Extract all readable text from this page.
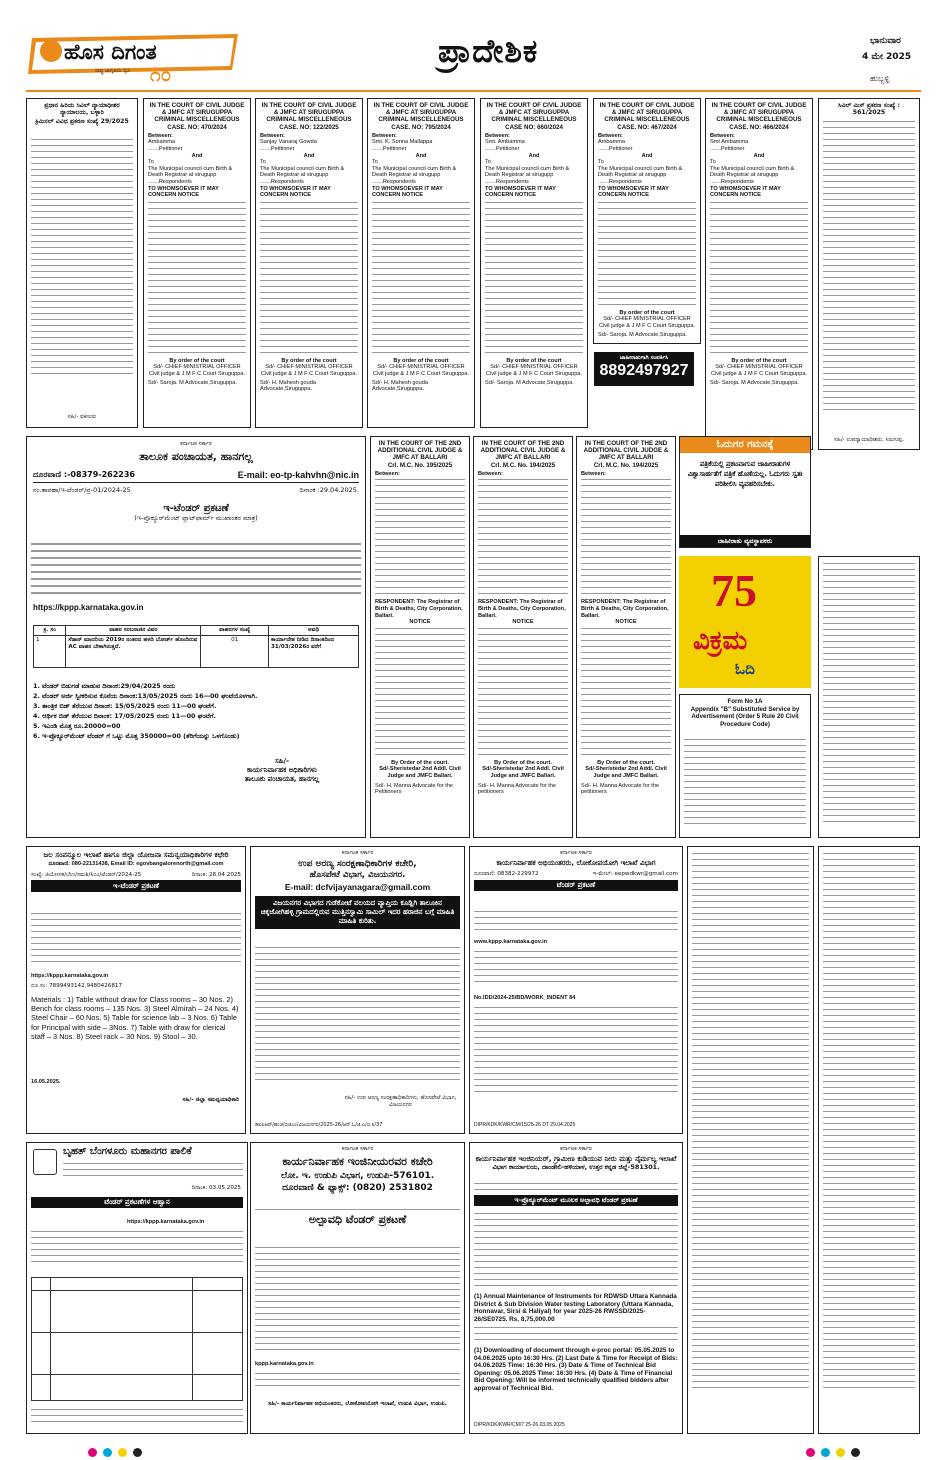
ಹೊಸ ದಿಗಂತ
ರಾಷ್ಟ್ರ ಜಾಗೃತಿಯ ಧ್ವನಿ ೧೦
ಪ್ರಾದೇಶಿಕ	ಭಾನುವಾರ
4 ಮೇ 2025
ಹುಬ್ಬಳ್ಳಿ
ಪ್ರಧಾನ ಹಿರಿಯ ಸಿವಿಲ್ ನ್ಯಾಯಾಧೀಶರ ನ್ಯಾಯಾಲಯ, ಬಳ್ಳಾರಿ
ಕ್ರಿಮಿನಲ್ ವಿವಿಧ ಪ್ರಕರಣ ಸಂಖ್ಯೆ 29/2025
ಸಹಿ/- ವಕೀಲರು
IN THE COURT OF CIVIL JUDGE & JMFC AT SIRUGUPPA CRIMINAL MISCELLENEOUS
CASE. NO: 470/2024
Between:
Ambamma
.......Petitioner
And
To
The Municipal council cum Birth & Death Registrar at sirugupp
.......Respondents
TO WHOMSOEVER IT MAY CONCERN NOTICE
By order of the court
Sd/- CHIEF MINISTRIAL OFFICER Civil judge & J M F C Court Siruguppa.
Sd/- Saroja. M Advocate,Siruguppa.
IN THE COURT OF CIVIL JUDGE & JMFC AT SIRUGUPPA CRIMINAL MISCELLENEOUS
CASE. NO: 122/2025
Between:
Sanjay Vanaraj Gowda
.......Petitioner
And
To
The Municipal council cum Birth & Death Registrar at sirugupp
.......Respondents
TO WHOMSOEVER IT MAY CONCERN NOTICE
By order of the court
Sd/- CHIEF MINISTRIAL OFFICER Civil judge & J M F C Court Siruguppa.
Sd/- H. Mahesh gouda Advocate,Siruguppa.
IN THE COURT OF CIVIL JUDGE & JMFC AT SIRUGUPPA CRIMINAL MISCELLENEOUS
CASE. NO: 795/2024
Between:
Smt. K. Sonna Mallappa
.......Petitioner
And
To
The Municipal council cum Birth & Death Registrar at sirugupp
.......Respondents
TO WHOMSOEVER IT MAY CONCERN NOTICE
By order of the court
Sd/- CHIEF MINISTRIAL OFFICER Civil judge & J M F C Court Siruguppa.
Sd/- H. Mahesh gouda Advocate,Siruguppa.
IN THE COURT OF CIVIL JUDGE & JMFC AT SIRUGUPPA CRIMINAL MISCELLENEOUS
CASE NO: 660/2024
Between:
Smt. Ambamma
.......Petitioner
And
To
The Municipal council cum Birth & Death Registrar at sirugupp
.......Respondents
TO WHOMSOEVER IT MAY CONCERN NOTICE
By order of the court
Sd/- CHIEF MINISTRIAL OFFICER Civil judge & J M F C Court Siruguppa.
Sd/- Saroja. M Advocate,Siruguppa.
IN THE COURT OF CIVIL JUDGE & JMFC AT SIRUGUPPA CRIMINAL MISCELLENEOUS
CASE. NO: 467/2024
Between:
Ambamma
.......Petitioner
And
To
The Municipal council cum Birth & Death Registrar at sirugupp
.......Respondents
TO WHOMSOEVER IT MAY CONCERN NOTICE
By order of the court
Sd/- CHIEF MINISTRIAL OFFICER Civil judge & J M F C Court Siruguppa.
Sd/- Saroja. M Advocate,Siruguppa.
IN THE COURT OF CIVIL JUDGE & JMFC AT SIRUGUPPA CRIMINAL MISCELLENEOUS
CASE. NO: 466/2024
Between:
Smt Ambamma
.......Petitioner
And
To
The Municipal council cum Birth & Death Registrar at sirugupp
.......Respondents
TO WHOMSOEVER IT MAY CONCERN NOTICE
By order of the court
Sd/- CHIEF MINISTRIAL OFFICER Civil judge & J M F C Court Siruguppa.
Sd/- Saroja. M Advocate,Siruguppa.
ಸಿವಿಲ್ ಮಿಸ್ ಪ್ರಕರಣ ಸಂಖ್ಯೆ : 561/2025
ಸಹಿ/- ಉಪನ್ಯಾಯಾಧೀಶರು, ಸಿರುಗುಪ್ಪ.
ಜಾಹೀರಾತುಗಾಗಿ ಸಂಪರ್ಕಿಸಿ
8892497927
ಕರ್ನಾಟಕ ಸರ್ಕಾರ
ತಾಲೂಕ ಪಂಚಾಯತ, ಹಾನಗಲ್ಲ
ದೂರವಾಣಿ :-08379-262236	E-mail: eo-tp-kahvhn@nic.in
ನಂ.ತಾಪಹಾ/ಇ-ಟೆಂಡರ್/ಪ್ರ-01/2024-25	ದಿನಾಂಕ :29.04.2025.
ಇ-ಟೆಂಡರ್ ಪ್ರಕಟಣೆ
(ಇ-ಪ್ರೊಕ್ಯೂರ್‌ಮೆಂಟ್ ಪ್ಲಾಟ್‌ಫಾರ್ಮ್ ಮುಖಾಂತರ ಮಾತ್ರ)
https://kppp.karnataka.gov.in
ಕ್ರ. ಸಂ	ವಾಹನ ಸರಬರಾಜಿನ ವಿವರ	ವಾಹನಗಳ ಸಂಖ್ಯೆ	ಅವಧಿ
1	ಸೆಡಾನ್ ಮಾದರಿಯ 2019ರ ನಂತರದ ಹಳದಿ ಬೋರ್ಡ್ ಹೊಂದಿರುವ AC ವಾಹನ ಬೇಕಾಗಿರುತ್ತದೆ.	01	ಕಾರ್ಯಾದೇಶ ನೀಡಿದ ದಿನಾಂಕದಿಂದ 31/03/2026ರ ವರೆಗೆ
1. ಟೆಂಡರ್ ಬಿಡುಗಡೆ ಮಾಡುವ ದಿನಾಂಕ:29/04/2025 ರಂದು
2. ಟೆಂಡರ್ ಅರ್ಜಿ ಸ್ವೀಕರಿಸುವ ಕೊನೆಯ ದಿನಾಂಕ:13/05/2025 ರಂದು 16—00 ಘಂಟೆಯೊಳಗಾಗಿ.
3. ತಾಂತ್ರಿಕ ಬಿಡ್ ತೆರೆಯುವ ದಿನಾಂಕ: 15/05/2025 ರಂದು 11—00 ಘಂಟೆಗೆ.
4. ಆರ್ಥಿಕ ಬಿಡ್ ತೆರೆಯುವ ದಿನಾಂಕ: 17/05/2025 ರಂದು 11—00 ಘಂಟೆಗೆ.
5. ಇಎಂಡಿ ಮೊತ್ತ ರೂ.20000=00
6. ಇ-ಪ್ರೊಕ್ಯೂರ್‌ಮೆಂಟ್ ಟೆಂಡರ್ ಗೆ ಒಟ್ಟು ಮೊತ್ತ 350000=00 (ತೆರಿಗೆಯನ್ನು ಒಳಗೊಂಡು)
ಸಹಿ/-
ಕಾರ್ಯನಿರ್ವಾಹಕ ಅಧಿಕಾರಿಗಳು
ತಾಲೂಕು ಪಂಚಾಯತ, ಹಾನಗಲ್ಲ
IN THE COURT OF THE 2ND ADDITIONAL CIVIL JUDGE & JMFC AT BALLARI
Crl. M.C. No. 195/2025
Between:
RESPONDENT: The Registrar of Birth & Deaths, City Corporation, Ballari.
NOTICE
By Order of the court.
Sd/-Sheristedar 2nd Addl. Civil Judge and JMFC Ballari.
Sd/- H. Manna Advocate for the Petitioners
IN THE COURT OF THE 2ND ADDITIONAL CIVIL JUDGE & JMFC AT BALLARI
Crl. M.C. No. 194/2025
Between:
RESPONDENT: The Registrar of Birth & Deaths, City Corporation, Ballari.
NOTICE
By Order of the court.
Sd/-Sheristedar 2nd Addl. Civil Judge and JMFC Ballari.
Sd/- H. Manna Advocate for the petitioners
IN THE COURT OF THE 2ND ADDITIONAL CIVIL JUDGE & JMFC AT BALLARI
Crl. M.C. No. 194/2025
Between:
RESPONDENT: The Registrar of Birth & Deaths, City Corporation, Ballari.
NOTICE
By Order of the court.
Sd/-Sheristedar 2nd Addl. Civil Judge and JMFC Ballari.
Sd/- H. Manna Advocate for the petitioners
ಓದುಗರ ಗಮನಕ್ಕೆ
ಪತ್ರಿಕೆಯಲ್ಲಿ ಪ್ರಕಟವಾಗುವ ಜಾಹೀರಾತುಗಳ ವಿಶ್ವಾಸಾರ್ಹತೆಗೆ ಪತ್ರಿಕೆ ಹೊಣೆಯಲ್ಲ. ಓದುಗರು ಸ್ವತಃ ಪರಿಶೀಲಿಸಿ ವ್ಯವಹರಿಸಬೇಕು.
ಜಾಹೀರಾತು ವ್ಯವಸ್ಥಾಪಕರು
75
ವಿಕ್ರಮ
ಓದಿ
Form No 1A
Appendix "B" Substituted Service by Advertisement (Order 5 Rule 20 Civil Procedure Code)
ಜಲ ಸಂಪನ್ಮೂಲ ಇಲಾಖೆ ಹಾಗೂ ಜಿಲ್ಲಾ ಯೋಜನಾ ಸಮನ್ವಯಾಧಿಕಾರಿಗಳ ಕಛೇರಿ
ದೂರವಾಣಿ: 080-22131438, Email ID: egovbangalorenorth@gmail.com
ಸಂಖ್ಯೆ: ಜಿಯೋಸಕ/ಬೆಉ/ಸಮಶಿ/ಸಿಎಂ/ಟೆಂಡರ್/2024-25	ದಿನಾಂಕ: 28.04.2025
ಇ-ಟೆಂಡರ್ ಪ್ರಕಟಣೆ
https://kppp.karnataka.gov.in
ದೂ.ಸಂ: 7899493142,9480426817
Materials : 1) Table without draw for Class rooms – 30 Nos. 2) Bench for class rooms – 135 Nos. 3) Steel Almirah – 24 Nos. 4) Steel Chair – 60 Nos. 5) Table for science lab – 3 Nos. 6) Table for Principal with side – 3Nos. 7) Table with draw for clerical staff – 3 Nos. 8) Steel rack – 30 Nos. 9) Stool – 30.
16.05.2025.
ಸಹಿ/- ಜಿಲ್ಲಾ ಸಮನ್ವಯಾಧಿಕಾರಿ
ಕರ್ನಾಟಕ ಸರ್ಕಾರ
ಉಪ ಅರಣ್ಯ ಸಂರಕ್ಷಣಾಧಿಕಾರಿಗಳ ಕಚೇರಿ,
ಹೊಸಪೇಟೆ ವಿಭಾಗ, ವಿಜಯನಗರ.
E-mail: dcfvijayanagara@gmail.com
ವಿಜಯನಗರ ವಿಭಾಗದ ಗುಡೆಕೋಟೆ ವಲಯದ ವ್ಯಾಪ್ತಿಯ ಕೂಡ್ಲಿಗಿ ತಾಲೂಕಿನ ಚಿಕ್ಕಜೋಗಿಹಳ್ಳಿ ಗ್ರಾಮದಲ್ಲಿರುವ ಮುತ್ತಿನಸ್ವಾಮಿ ಸಾಮಿಲ್ ಇದರ ಹರಾಜಿನ ಬಗ್ಗೆ ಮಾಹಿತಿ ಮಾಹಿತಿ ಕುರಿತು.
ಸಹಿ/- ಉಪ ಅರಣ್ಯ ಸಂರಕ್ಷಣಾಧಿಕಾರಿಗಳು, ಹೊಸಪೇಟೆ ವಿಭಾಗ, ವಿಜಯನಗರ
ಡಿಐಪಿಆರ್/ಹಂಚ/ಬಿಜಿಎಂ/ವಿಜಯನಗರ/2025-26/ಆರ್.ಓ/ಜಿ.ಎ/ಬಿ.ಸಿ/37
ಕರ್ನಾಟಕ ಸರ್ಕಾರ
ಕಾರ್ಯನಿರ್ವಾಹಕ ಅಭಿಯಂತರರು, ಲೋಕೋಪಯೋಗಿ ಇಲಾಖೆ ವಿಭಾಗ
ದೂರವಾಣಿ: 08382-229972	ಇ-ಮೇಲ್: eepwdkwr@gmail.com
ಟೆಂಡರ್ ಪ್ರಕಟಣೆ
www.kppp.karnataka.gov.in
No.IDD/2024-25/BD/WORK_INDENT 84
DIPR/KDK/KWR/CM/15/25-26 DT 29.04.2025
ಬೃಹತ್ ಬೆಂಗಳೂರು ಮಹಾನಗರ ಪಾಲಿಕೆ
ದಿನಾಂಕ: 03.05.2025
ಟೆಂಡರ್ ಪ್ರಕಟಣೆಗಳ ಆಹ್ವಾನ
https://kppp.karnataka.gov.in
ಕರ್ನಾಟಕ ಸರ್ಕಾರ
ಕಾರ್ಯನಿರ್ವಾಹಕ ಇಂಜಿನೀಯರವರ ಕಚೇರಿ
ಲೋ. ಇ. ಉಡುಪಿ ವಿಭಾಗ, ಉಡುಪಿ-576101.
ದೂರವಾಣಿ & ಫ್ಯಾಕ್ಸ್: (0820) 2531802
ಅಲ್ಪಾವಧಿ ಟೆಂಡರ್ ಪ್ರಕಟಣೆ
kppp.karnataka.gov.in
ಸಹಿ/- ಕಾರ್ಯನಿರ್ವಾಹಕ ಅಭಿಯಂತರರು, ಲೋಕೋಪಯೋಗಿ ಇಲಾಖೆ, ಉಡುಪಿ ವಿಭಾಗ, ಉಡುಪಿ.
ಕರ್ನಾಟಕ ಸರ್ಕಾರ
ಕಾರ್ಯನಿರ್ವಾಹಕ ಇಂಜಿನಿಯರ್, ಗ್ರಾಮೀಣ ಕುಡಿಯುವ ನೀರು ಮತ್ತು ನೈರ್ಮಲ್ಯ ಇಲಾಖೆ
ವಿಭಾಗ ಕಾರ್ಯಾಲಯ, ದಾಂಡೇಲಿ-ಹಳಿಯಾಳ, ಉತ್ತರ ಕನ್ನಡ ಜಿಲ್ಲೆ-581301.
ಇ-ಪ್ರೊಕ್ಯೂರ್‌ಮೆಂಟ್ ಮೂಲಕ ಅಲ್ಪಾವಧಿ ಟೆಂಡರ್ ಪ್ರಕಟಣೆ
(1) Annual Maintenance of Instruments for RDWSD Uttara Kannada District & Sub Division Water testing Laboratory (Uttara Kannada, Honnavar, Sirsi & Haliyal) for year 2025-26 RWSSD/2025-26/SE0725. Rs. 8,75,000.00
(1) Downloading of document through e-proc portal: 05.05.2025 to 04.06.2025 upto 16:30 Hrs. (2) Last Date & Time for Receipt of Bids: 04.06.2025 Time: 16:30 Hrs. (3) Date & Time of Technical Bid Opening: 05.06.2025 Time: 16:30 Hrs. (4) Date & Time of Financial Bid Opening: Will be informed technically qualified bidders after approval of Technical Bid.
DIPR/KDK/KWR/CM/7 25-26 03.05.2025
